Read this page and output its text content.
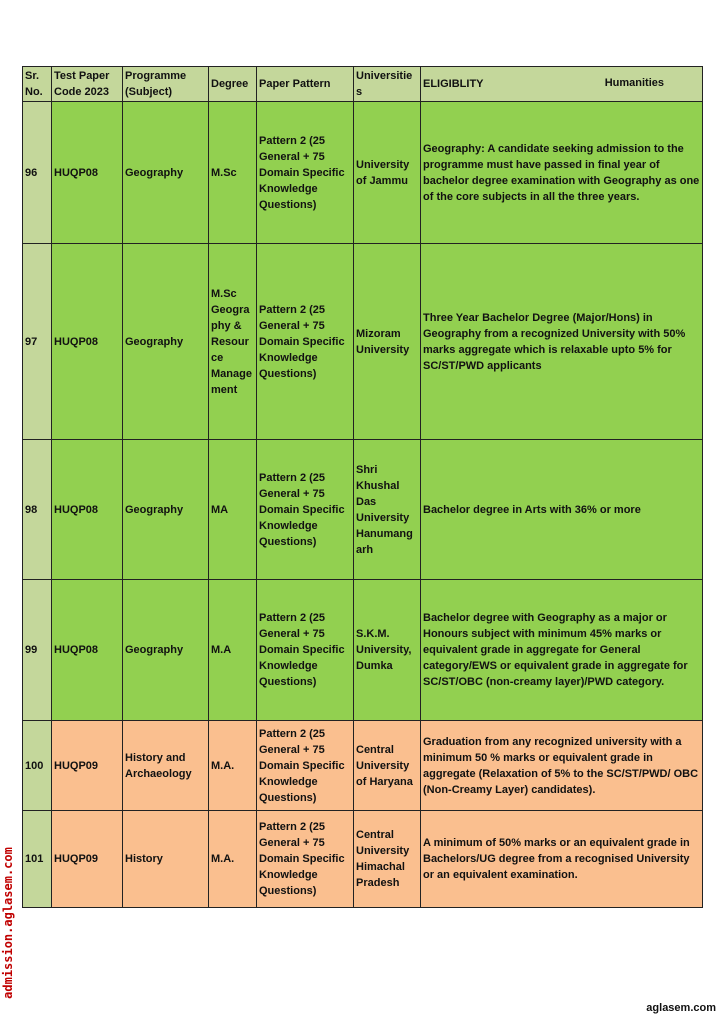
Sr. No.	Test Paper Code 2023	Programme (Subject)	Degree	Paper Pattern	Universities	ELIGIBLITY Humanities

96	HUQP08	Geography	M.Sc	Pattern 2 (25 General + 75 Domain Specific Knowledge Questions)	University of Jammu	Geography: A candidate seeking admission to the programme must have passed in final year of bachelor degree examination with Geography as one of the core subjects in all the three years.
97	HUQP08	Geography	M.Sc Geography & Resource Management	Pattern 2 (25 General + 75 Domain Specific Knowledge Questions)	Mizoram University	Three Year Bachelor Degree (Major/Hons) in Geography from a recognized University with 50% marks aggregate which is relaxable upto 5% for SC/ST/PWD applicants
98	HUQP08	Geography	MA	Pattern 2 (25 General + 75 Domain Specific Knowledge Questions)	Shri Khushal Das University Hanumangarh	Bachelor degree in Arts with 36% or more
99	HUQP08	Geography	M.A	Pattern 2 (25 General + 75 Domain Specific Knowledge Questions)	S.K.M. University, Dumka	Bachelor degree with Geography as a major or Honours subject with minimum 45% marks or equivalent grade in aggregate for General category/EWS or equivalent grade in aggregate for SC/ST/OBC (non-creamy layer)/PWD category.
100	HUQP09	History and Archaeology	M.A.	Pattern 2 (25 General + 75 Domain Specific Knowledge Questions)	Central University of Haryana	Graduation from any recognized university with a minimum 50 % marks or equivalent grade in aggregate (Relaxation of 5% to the SC/ST/PWD/ OBC (Non-Creamy Layer) candidates).
101	HUQP09	History	M.A.	Pattern 2 (25 General + 75 Domain Specific Knowledge Questions)	Central University Himachal Pradesh	A minimum of 50% marks or an equivalent grade in Bachelors/UG degree from a recognised University or an equivalent examination.
admission.aglasem.com
aglasem.com
